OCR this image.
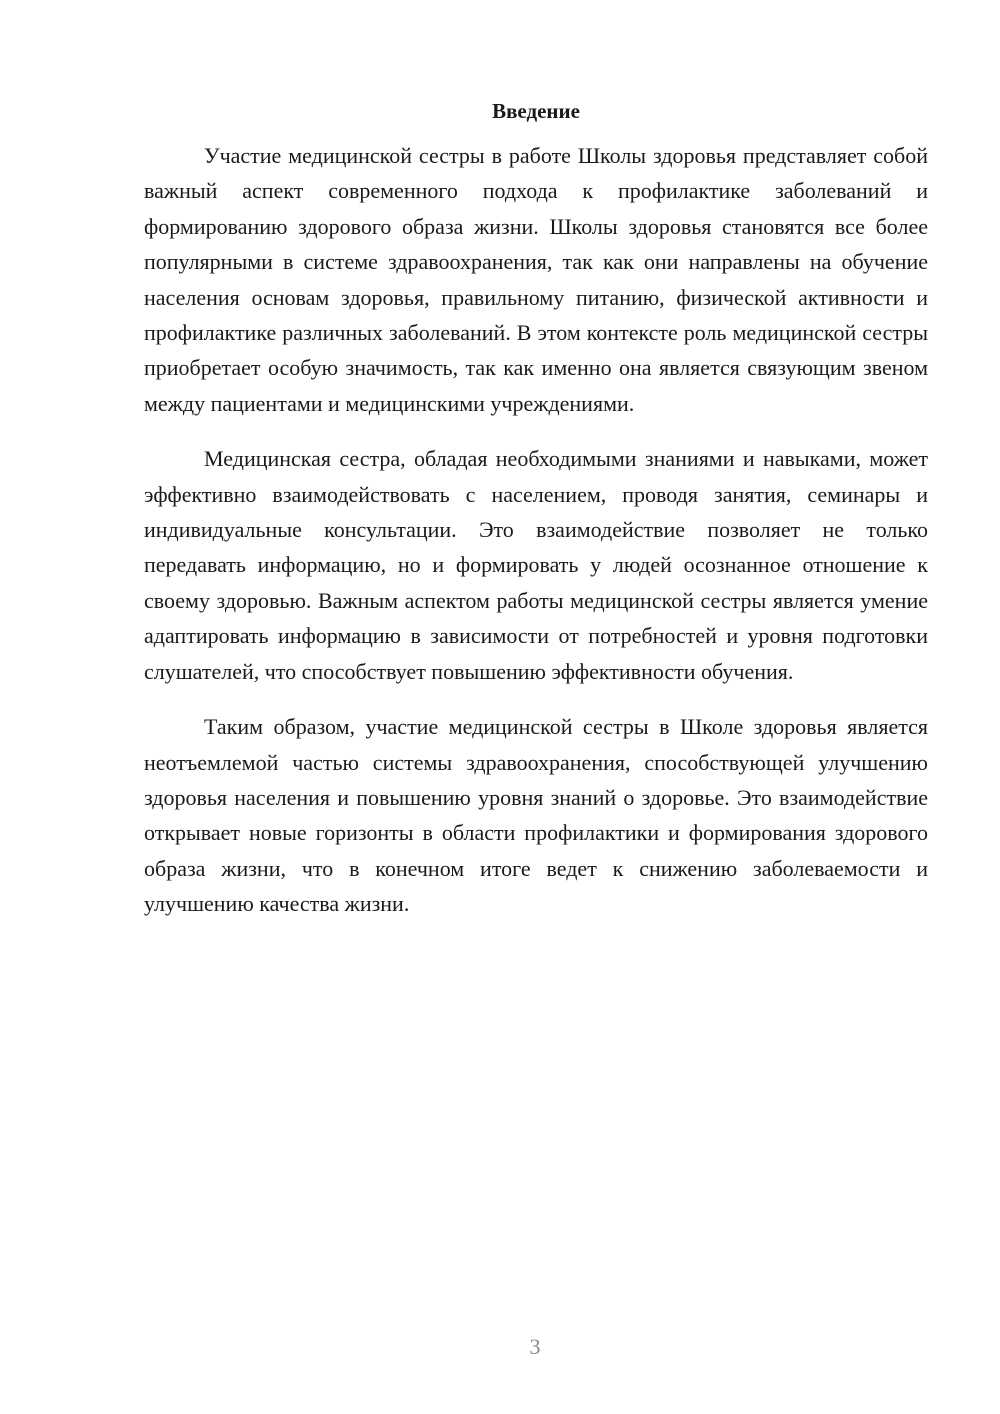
Введение

Участие медицинской сестры в работе Школы здоровья представляет собой важный аспект современного подхода к профилактике заболеваний и формированию здорового образа жизни. Школы здоровья становятся все более популярными в системе здравоохранения, так как они направлены на обучение населения основам здоровья, правильному питанию, физической активности и профилактике различных заболеваний. В этом контексте роль медицинской сестры приобретает особую значимость, так как именно она является связующим звеном между пациентами и медицинскими учреждениями.

Медицинская сестра, обладая необходимыми знаниями и навыками, может эффективно взаимодействовать с населением, проводя занятия, семинары и индивидуальные консультации. Это взаимодействие позволяет не только передавать информацию, но и формировать у людей осознанное отношение к своему здоровью. Важным аспектом работы медицинской сестры является умение адаптировать информацию в зависимости от потребностей и уровня подготовки слушателей, что способствует повышению эффективности обучения.

Таким образом, участие медицинской сестры в Школе здоровья является неотъемлемой частью системы здравоохранения, способствующей улучшению здоровья населения и повышению уровня знаний о здоровье. Это взаимодействие открывает новые горизонты в области профилактики и формирования здорового образа жизни, что в конечном итоге ведет к снижению заболеваемости и улучшению качества жизни.

3
